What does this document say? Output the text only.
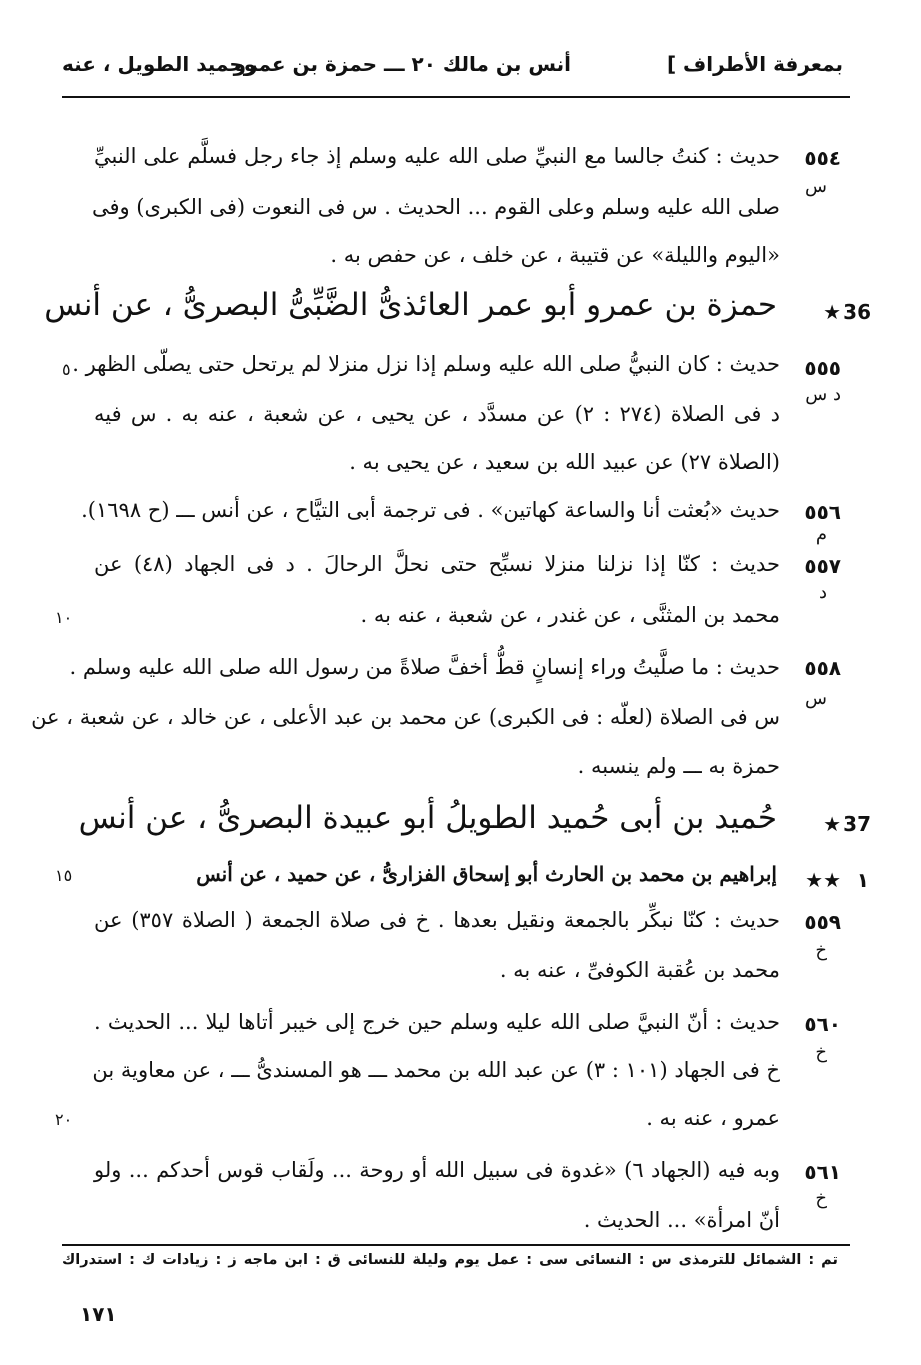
بمعرفة الأطراف ]
أنس بن مالك ٢٠ ـــ حمزة بن عمرو
وحميد الطويل ، عنه
٥٥٤
س
حديث : كنتُ جالسا مع النبيِّ صلى الله عليه وسلم إذ جاء رجل فسلَّم على النبيِّ
صلى الله عليه وسلم وعلى القوم ... الحديث . س فى النعوت (فى الكبرى) وفى
«اليوم والليلة» عن قتيبة ، عن خلف ، عن حفص به .
★ 36
حمزة بن عمرو أبو عمر العائذىُّ الضَّبِّىُّ البصرىُّ ، عن أنس
٥٥٥
د س
٥ حديث : كان النبيُّ صلى الله عليه وسلم إذا نزل منزلا لم يرتحل حتى يصلّى الظهر .
د فى الصلاة (٢٧٤ : ٢) عن مسدَّد ، عن يحيى ، عن شعبة ، عنه به . س فيه
(الصلاة ٢٧) عن عبيد الله بن سعيد ، عن يحيى به .
٥٥٦
م
حديث «بُعثت أنا والساعة كهاتين» . فى ترجمة أبى التيَّاح ، عن أنس ـــ (ح ١٦٩٨).
٥٥٧
د
١٠
حديث : كنّا إذا نزلنا منزلا نسبِّح حتى نحلَّ الرحالَ . د فى الجهاد (٤٨) عن
محمد بن المثنَّى ، عن غندر ، عن شعبة ، عنه به .
٥٥٨
س
حديث : ما صلَّيتُ وراء إنسانٍ قطُّ أخفَّ صلاةً من رسول الله صلى الله عليه وسلم .
س فى الصلاة (لعلّه : فى الكبرى) عن محمد بن عبد الأعلى ، عن خالد ، عن شعبة ، عن
حمزة به ـــ ولم ينسبه .
★ 37
حُميد بن أبى حُميد الطويلُ أبو عبيدة البصرىُّ ، عن أنس
★★ ١
١٥	إبراهيم بن محمد بن الحارث أبو إسحاق الفزارىُّ ، عن حميد ، عن أنس
٥٥٩
خ
حديث : كنّا نبكِّر بالجمعة ونقيل بعدها . خ فى صلاة الجمعة ( الصلاة ٣٥٧) عن
محمد بن عُقبة الكوفىِّ ، عنه به .
٥٦٠
خ
٢٠
حديث : أنّ النبيَّ صلى الله عليه وسلم حين خرج إلى خيبر أتاها ليلا ... الحديث .
خ فى الجهاد (١٠١ : ٣) عن عبد الله بن محمد ـــ هو المسندىُّ ـــ ، عن معاوية بن
عمرو ، عنه به .
٥٦١
خ
وبه فيه (الجهاد ٦) «غدوة فى سبيل الله أو روحة ... ولَقاب قوس أحدكم ... ولو
أنّ امرأة» ... الحديث .
تم : الشمائل للترمذى س : النسائى سى : عمل يوم وليلة للنسائى ق : ابن ماجه ز : زيادات ك : استدراك
١٧١
